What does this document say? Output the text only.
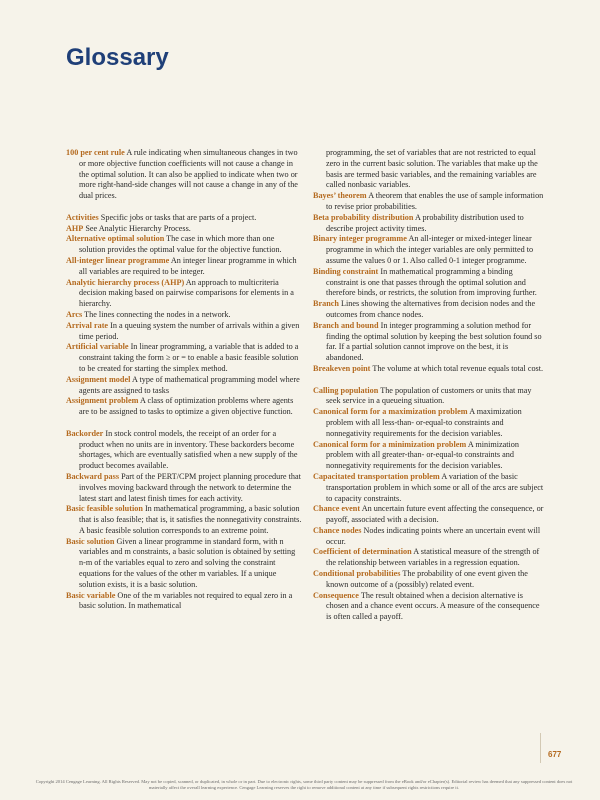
Glossary

100 per cent rule A rule indicating when simultaneous changes in two or more objective function coefficients will not cause a change in the optimal solution. It can also be applied to indicate when two or more right-hand-side changes will not cause a change in any of the dual prices.

Activities Specific jobs or tasks that are parts of a project.

AHP See Analytic Hierarchy Process.

Alternative optimal solution The case in which more than one solution provides the optimal value for the objective function.

All-integer linear programme An integer linear programme in which all variables are required to be integer.

Analytic hierarchy process (AHP) An approach to multicriteria decision making based on pairwise comparisons for elements in a hierarchy.

Arcs The lines connecting the nodes in a network.

Arrival rate In a queuing system the number of arrivals within a given time period.

Artificial variable In linear programming, a variable that is added to a constraint taking the form ≥ or = to enable a basic feasible solution to be created for starting the simplex method.

Assignment model A type of mathematical programming model where agents are assigned to tasks

Assignment problem A class of optimization problems where agents are to be assigned to tasks to optimize a given objective function.

Backorder In stock control models, the receipt of an order for a product when no units are in inventory. These backorders become shortages, which are eventually satisfied when a new supply of the product becomes available.

Backward pass Part of the PERT/CPM project planning procedure that involves moving backward through the network to determine the latest start and latest finish times for each activity.

Basic feasible solution In mathematical programming, a basic solution that is also feasible; that is, it satisfies the nonnegativity constraints. A basic feasible solution corresponds to an extreme point.

Basic solution Given a linear programme in standard form, with n variables and m constraints, a basic solution is obtained by setting n-m of the variables equal to zero and solving the constraint equations for the values of the other m variables. If a unique solution exists, it is a basic solution.

Basic variable One of the m variables not required to equal zero in a basic solution. In mathematical

programming, the set of variables that are not restricted to equal zero in the current basic solution. The variables that make up the basis are termed basic variables, and the remaining variables are called nonbasic variables.

Bayes’ theorem A theorem that enables the use of sample information to revise prior probabilities.

Beta probability distribution A probability distribution used to describe project activity times.

Binary integer programme An all-integer or mixed-integer linear programme in which the integer variables are only permitted to assume the values 0 or 1. Also called 0-1 integer programme.

Binding constraint In mathematical programming a binding constraint is one that passes through the optimal solution and therefore binds, or restricts, the solution from improving further.

Branch Lines showing the alternatives from decision nodes and the outcomes from chance nodes.

Branch and bound In integer programming a solution method for finding the optimal solution by keeping the best solution found so far. If a partial solution cannot improve on the best, it is abandoned.

Breakeven point The volume at which total revenue equals total cost.

Calling population The population of customers or units that may seek service in a queueing situation.

Canonical form for a maximization problem A maximization problem with all less-than- or-equal-to constraints and nonnegativity requirements for the decision variables.

Canonical form for a minimization problem A minimization problem with all greater-than- or-equal-to constraints and nonnegativity requirements for the decision variables.

Capacitated transportation problem A variation of the basic transportation problem in which some or all of the arcs are subject to capacity constraints.

Chance event An uncertain future event affecting the consequence, or payoff, associated with a decision.

Chance nodes Nodes indicating points where an uncertain event will occur.

Coefficient of determination A statistical measure of the strength of the relationship between variables in a regression equation.

Conditional probabilities The probability of one event given the known outcome of a (possibly) related event.

Consequence The result obtained when a decision alternative is chosen and a chance event occurs. A measure of the consequence is often called a payoff.

677
Copyright 2014 Cengage Learning. All Rights Reserved. May not be copied, scanned, or duplicated, in whole or in part. Due to electronic rights, some third party content may be suppressed from the eBook and/or eChapter(s). Editorial review has deemed that any suppressed content does not materially affect the overall learning experience. Cengage Learning reserves the right to remove additional content at any time if subsequent rights restrictions require it.
